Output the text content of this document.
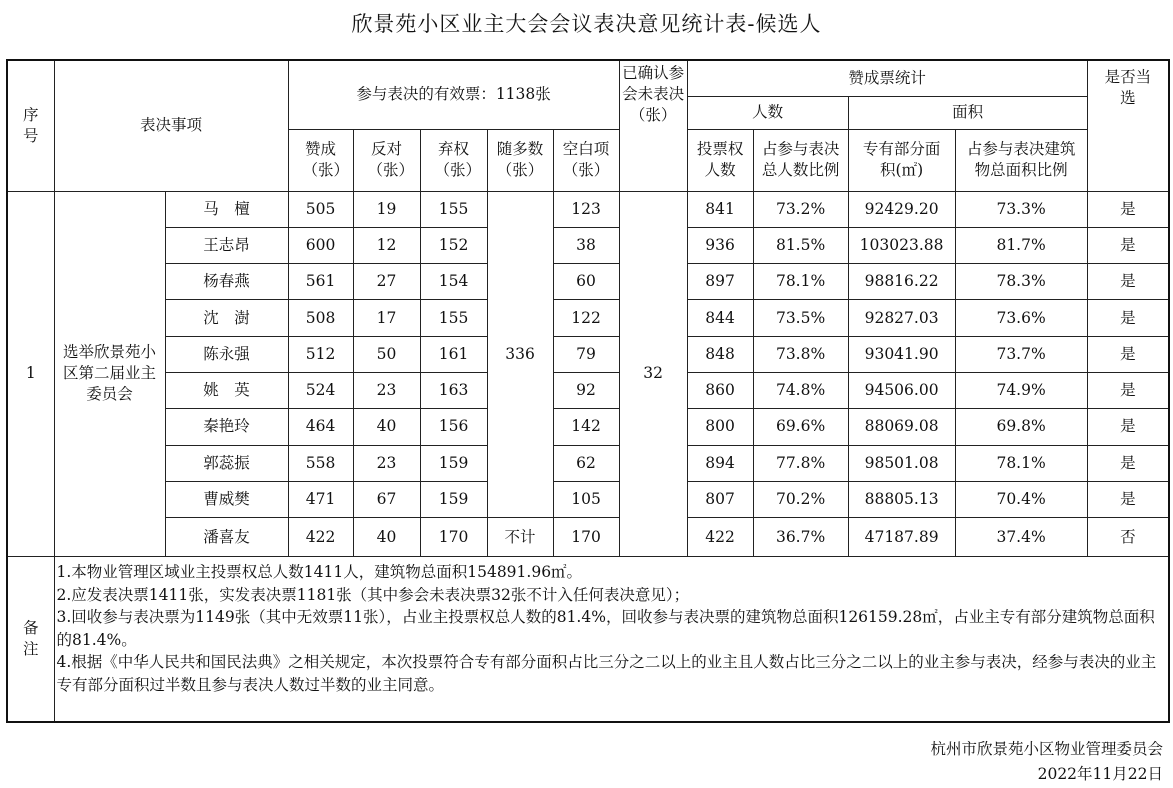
欣景苑小区业主大会会议表决意见统计表-候选人
序号	表决事项		参与表决的有效票：1138张					已确认参会未表决（张）	赞成票统计				是否当选
									人数		面积		
			赞成（张）	反对（张）	弃权（张）	随多数（张）	空白项（张）		投票权人数	占参与表决总人数比例	专有部分面积(㎡)	占参与表决建筑物总面积比例	
1	选举欣景苑小区第二届业主委员会	马　檀	505	19	155	336	123	32	841	73.2%	92429.20	73.3%	是
		王志昂	600	12	152		38		936	81.5%	103023.88	81.7%	是
		杨春燕	561	27	154		60		897	78.1%	98816.22	78.3%	是
		沈　澍	508	17	155		122		844	73.5%	92827.03	73.6%	是
		陈永强	512	50	161		79		848	73.8%	93041.90	73.7%	是
		姚　英	524	23	163		92		860	74.8%	94506.00	74.9%	是
		秦艳玲	464	40	156		142		800	69.6%	88069.08	69.8%	是
		郭蕊振	558	23	159		62		894	77.8%	98501.08	78.1%	是
		曹威樊	471	67	159		105		807	70.2%	88805.13	70.4%	是
		潘喜友	422	40	170	不计	170		422	36.7%	47187.89	37.4%	否
备注	1.本物业管理区域业主投票权总人数1411人，建筑物总面积154891.96㎡。
2.应发表决票1411张，实发表决票1181张（其中参会未表决票32张不计入任何表决意见）；
3.回收参与表决票为1149张（其中无效票11张），占业主投票权总人数的81.4%，回收参与表决票的建筑物总面积126159.28㎡，占业主专有部分建筑物总面积的81.4%。
4.根据《中华人民共和国民法典》之相关规定，本次投票符合专有部分面积占比三分之二以上的业主且人数占比三分之二以上的业主参与表决，经参与表决的业主专有部分面积过半数且参与表决人数过半数的业主同意。												
杭州市欣景苑小区物业管理委员会
2022年11月22日
